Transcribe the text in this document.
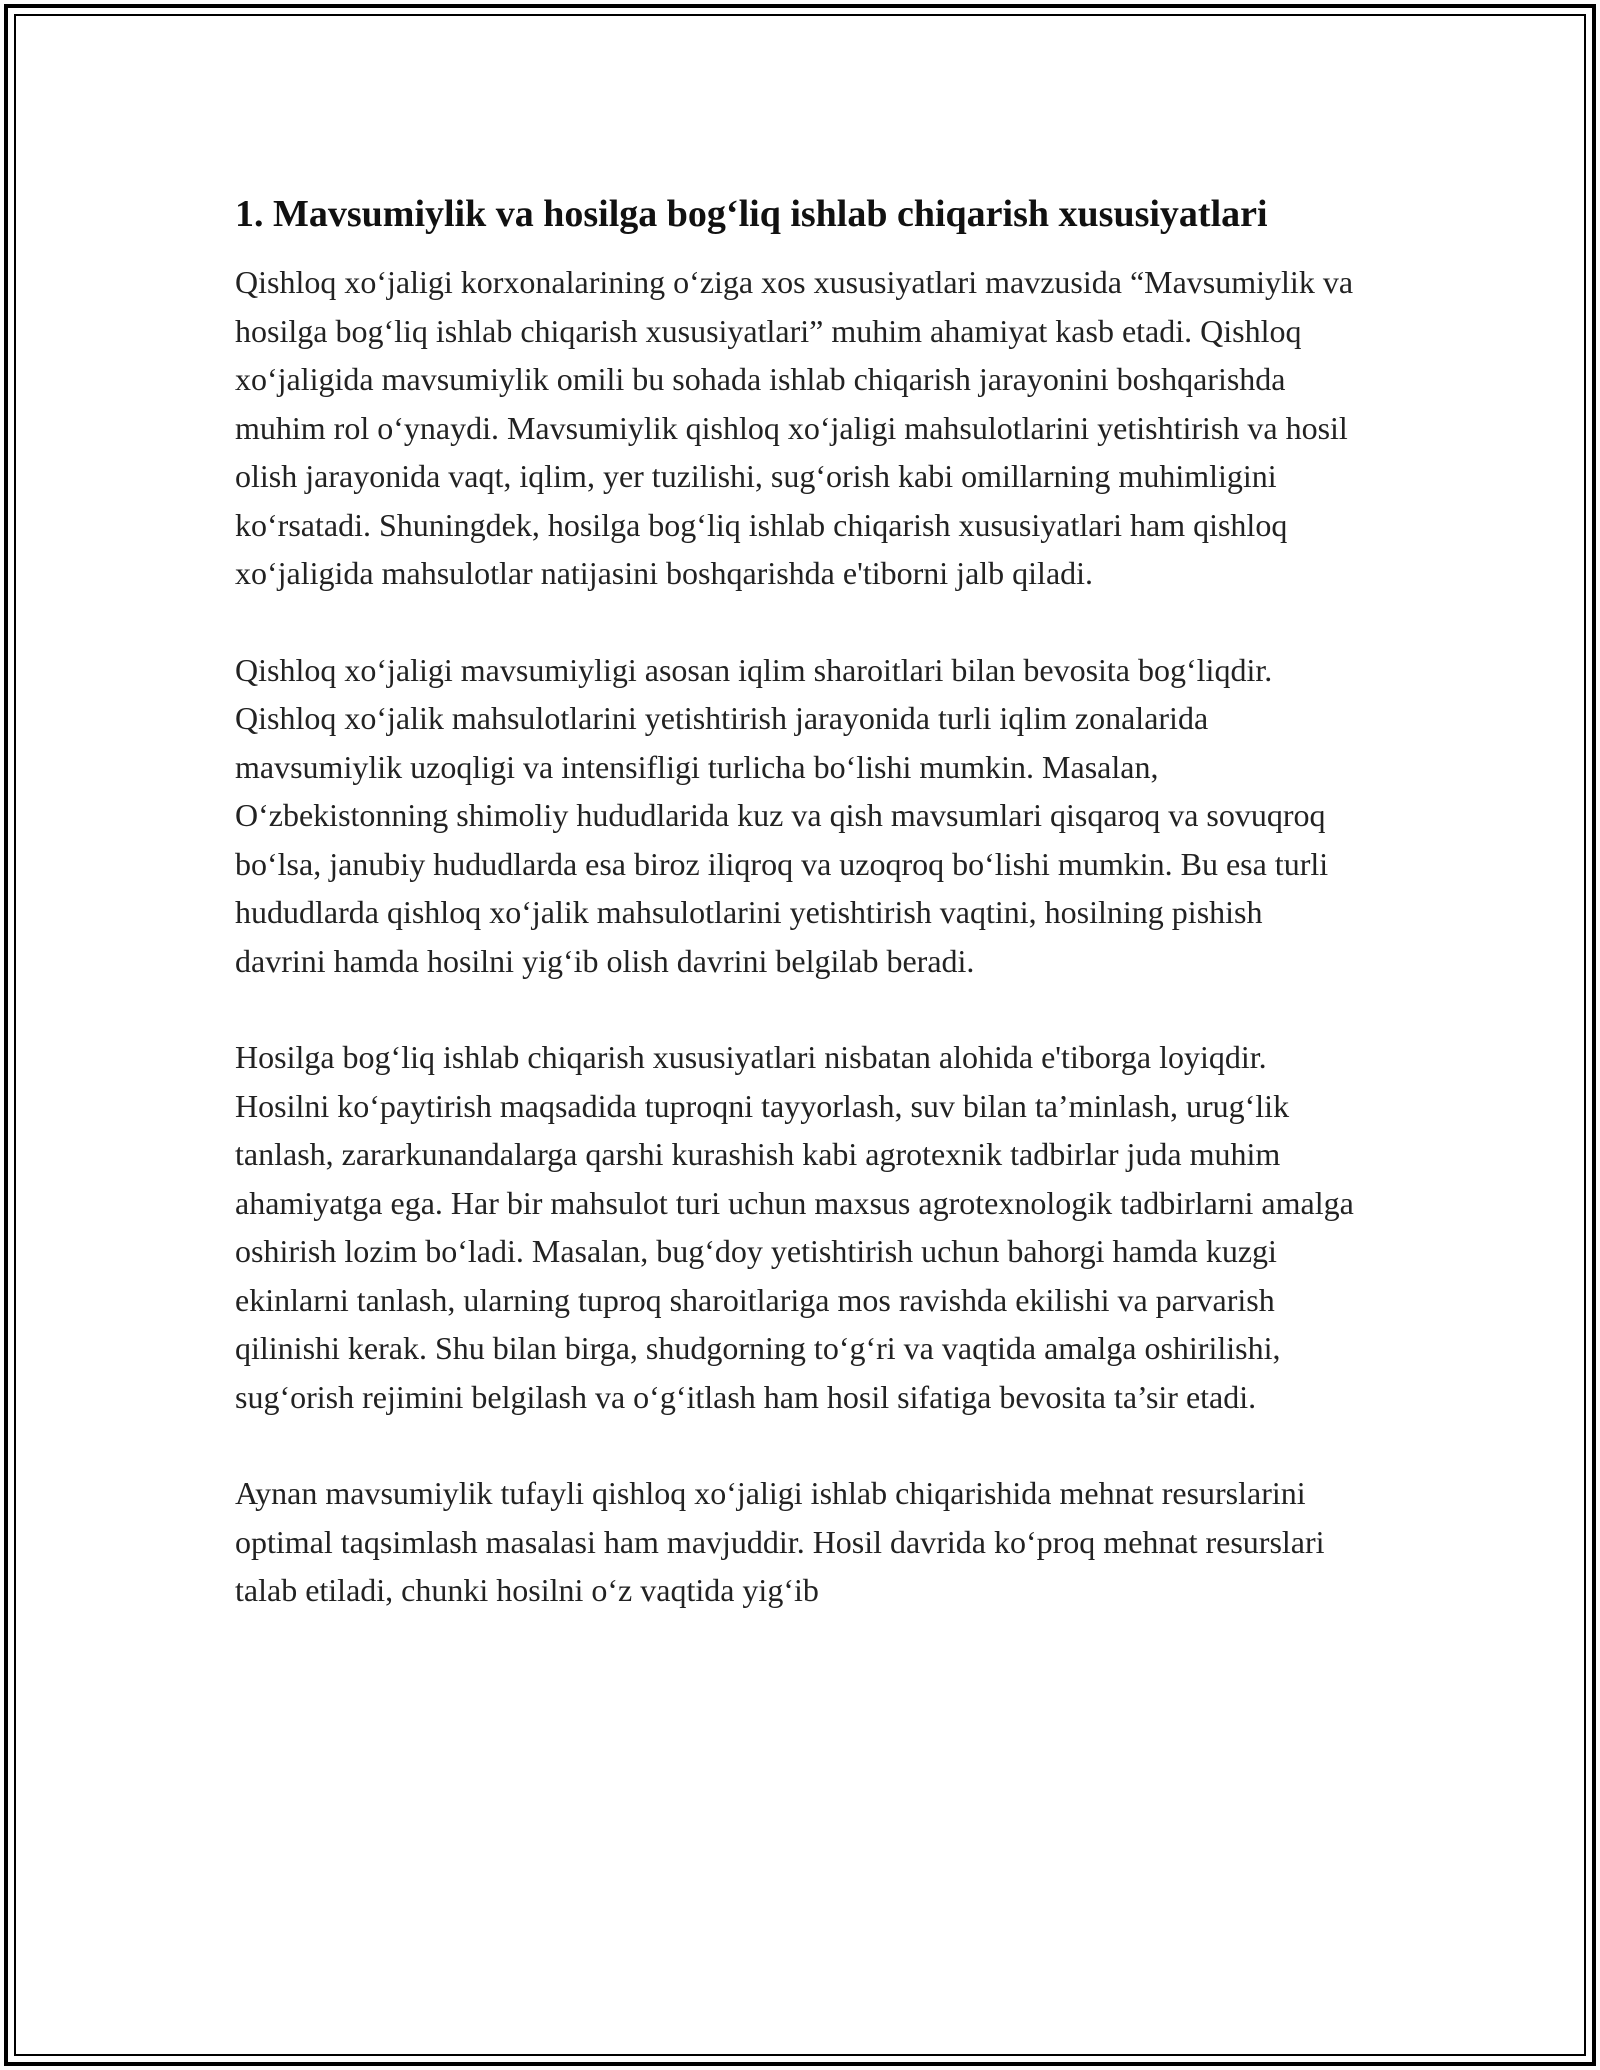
1. Mavsumiylik va hosilga bog‘liq ishlab chiqarish xususiyatlari

Qishloq xo‘jaligi korxonalarining o‘ziga xos xususiyatlari mavzusida “Mavsumiylik va hosilga bog‘liq ishlab chiqarish xususiyatlari” muhim ahamiyat kasb etadi. Qishloq xo‘jaligida mavsumiylik omili bu sohada ishlab chiqarish jarayonini boshqarishda muhim rol o‘ynaydi. Mavsumiylik qishloq xo‘jaligi mahsulotlarini yetishtirish va hosil olish jarayonida vaqt, iqlim, yer tuzilishi, sug‘orish kabi omillarning muhimligini ko‘rsatadi. Shuningdek, hosilga bog‘liq ishlab chiqarish xususiyatlari ham qishloq xo‘jaligida mahsulotlar natijasini boshqarishda e'tiborni jalb qiladi.

Qishloq xo‘jaligi mavsumiyligi asosan iqlim sharoitlari bilan bevosita bog‘liqdir. Qishloq xo‘jalik mahsulotlarini yetishtirish jarayonida turli iqlim zonalarida mavsumiylik uzoqligi va intensifligi turlicha bo‘lishi mumkin. Masalan, O‘zbekistonning shimoliy hududlarida kuz va qish mavsumlari qisqaroq va sovuqroq bo‘lsa, janubiy hududlarda esa biroz iliqroq va uzoqroq bo‘lishi mumkin. Bu esa turli hududlarda qishloq xo‘jalik mahsulotlarini yetishtirish vaqtini, hosilning pishish davrini hamda hosilni yig‘ib olish davrini belgilab beradi.

Hosilga bog‘liq ishlab chiqarish xususiyatlari nisbatan alohida e'tiborga loyiqdir. Hosilni ko‘paytirish maqsadida tuproqni tayyorlash, suv bilan ta’minlash, urug‘lik tanlash, zararkunandalarga qarshi kurashish kabi agrotexnik tadbirlar juda muhim ahamiyatga ega. Har bir mahsulot turi uchun maxsus agrotexnologik tadbirlarni amalga oshirish lozim bo‘ladi. Masalan, bug‘doy yetishtirish uchun bahorgi hamda kuzgi ekinlarni tanlash, ularning tuproq sharoitlariga mos ravishda ekilishi va parvarish qilinishi kerak. Shu bilan birga, shudgorning to‘g‘ri va vaqtida amalga oshirilishi, sug‘orish rejimini belgilash va o‘g‘itlash ham hosil sifatiga bevosita ta’sir etadi.

Aynan mavsumiylik tufayli qishloq xo‘jaligi ishlab chiqarishida mehnat resurslarini optimal taqsimlash masalasi ham mavjuddir. Hosil davrida ko‘proq mehnat resurslari talab etiladi, chunki hosilni o‘z vaqtida yig‘ib
